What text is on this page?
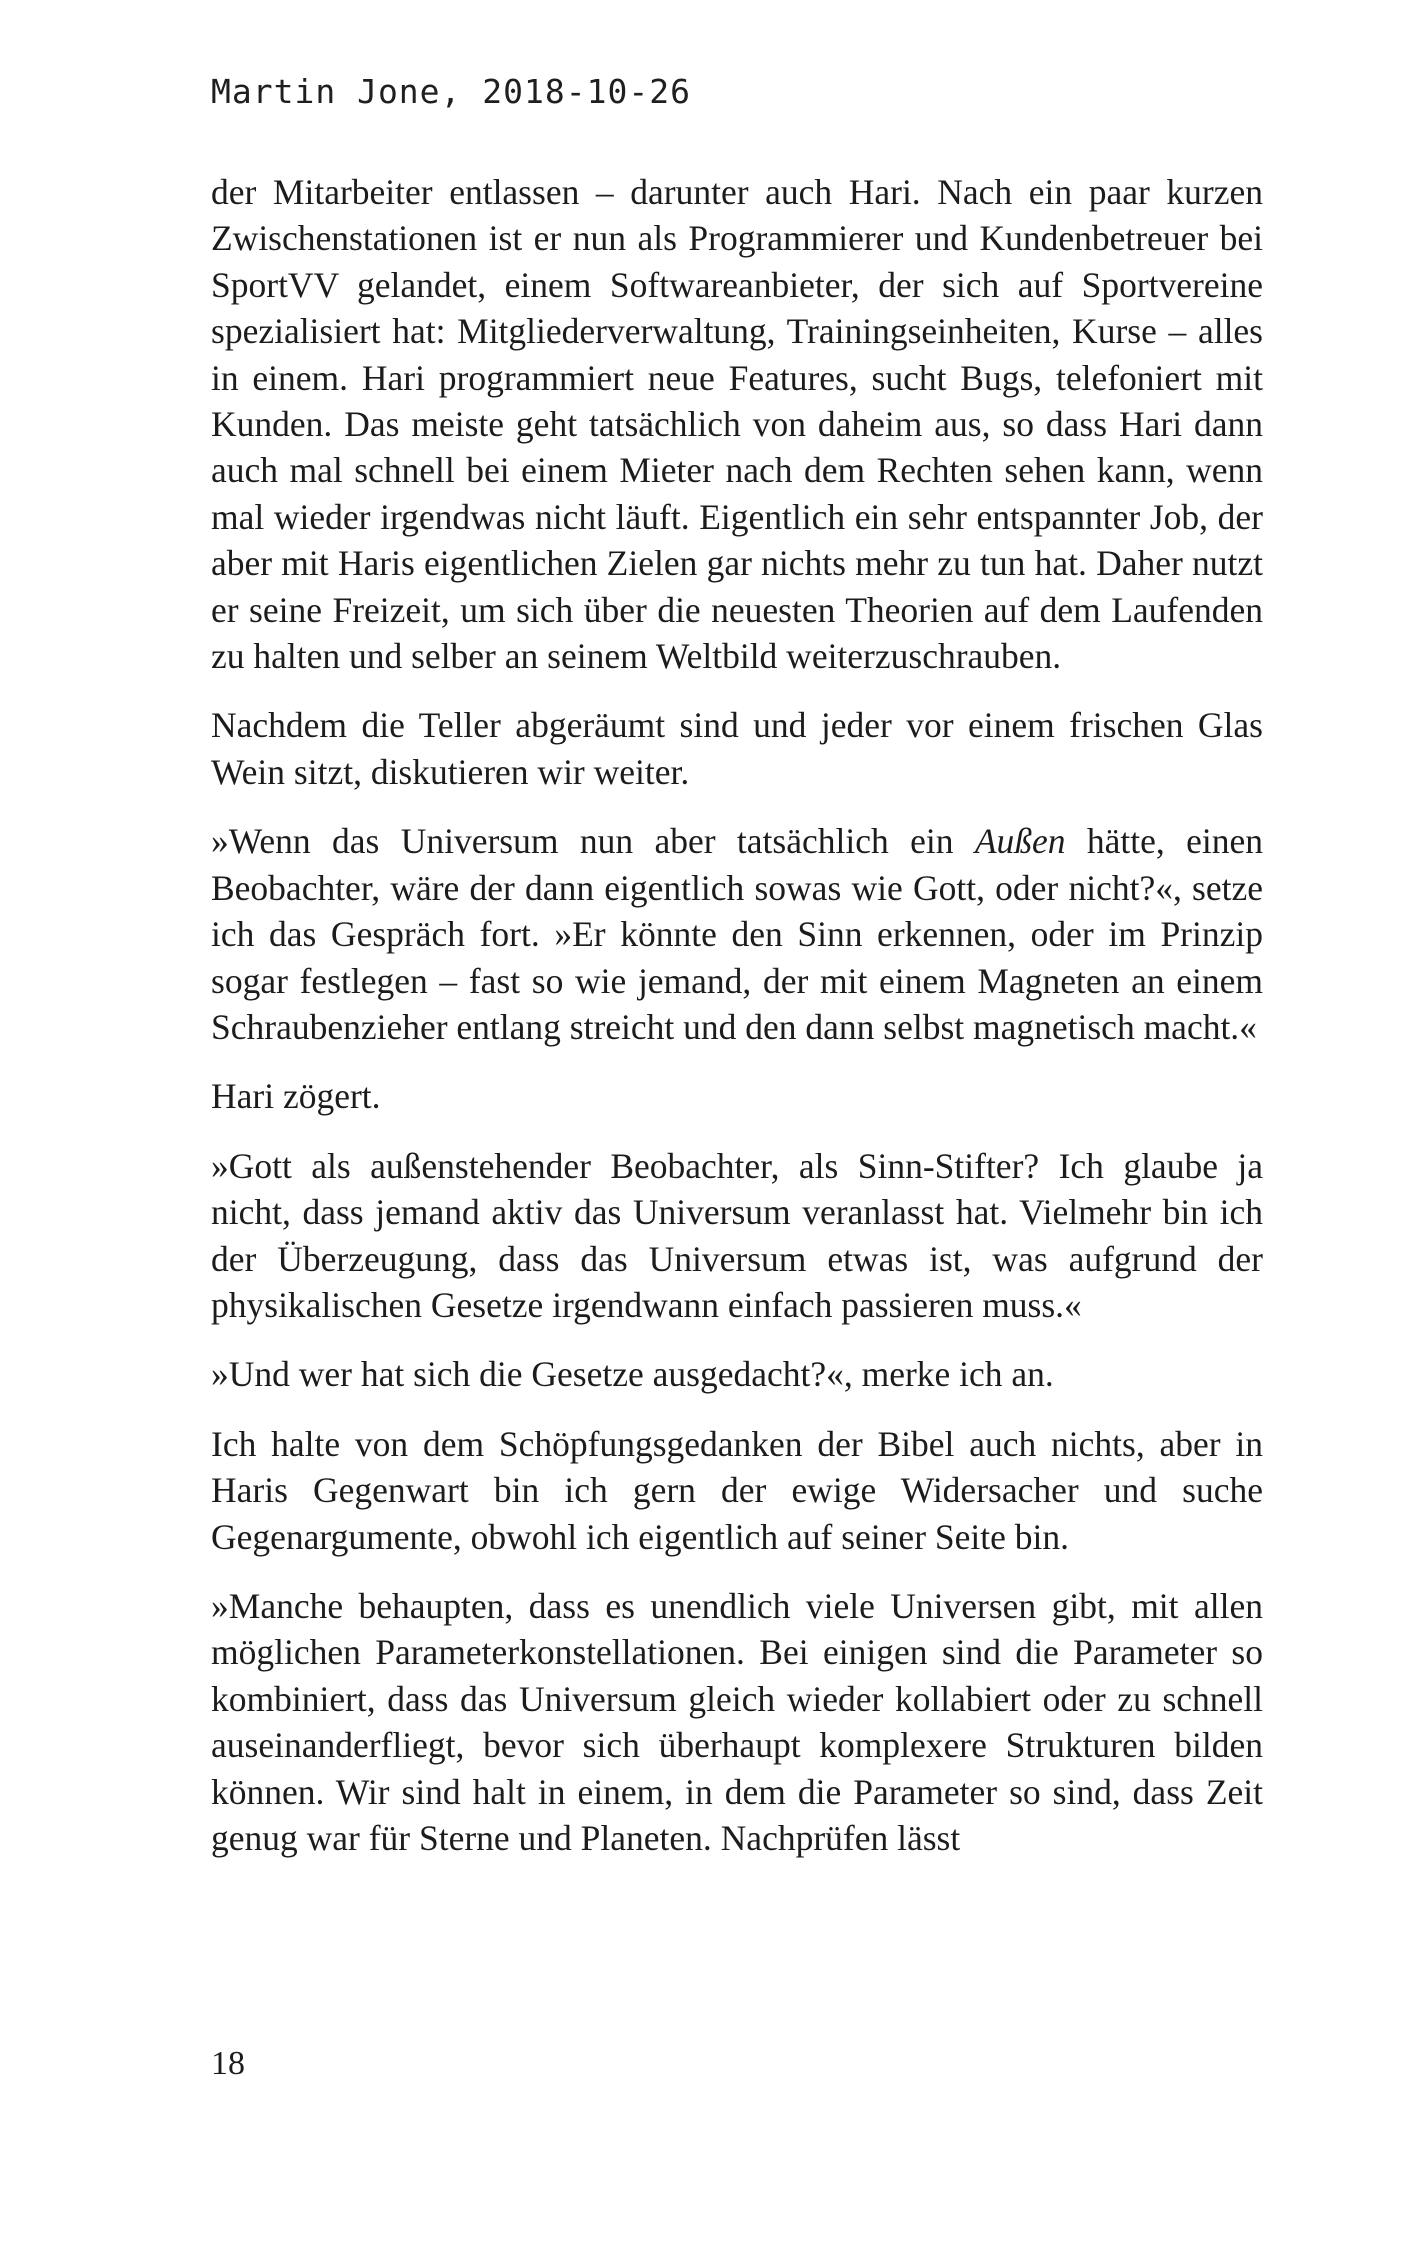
Martin Jone, 2018-10-26

der Mitarbeiter entlassen – darunter auch Hari. Nach ein paar kurzen Zwischenstationen ist er nun als Programmierer und Kundenbetreuer bei SportVV gelandet, einem Softwareanbieter, der sich auf Sportvereine spezialisiert hat: Mitgliederverwaltung, Trainingseinheiten, Kurse – alles in einem. Hari programmiert neue Features, sucht Bugs, telefoniert mit Kunden. Das meiste geht tatsächlich von daheim aus, so dass Hari dann auch mal schnell bei einem Mieter nach dem Rechten sehen kann, wenn mal wieder irgendwas nicht läuft. Eigentlich ein sehr entspannter Job, der aber mit Haris eigentlichen Zielen gar nichts mehr zu tun hat. Daher nutzt er seine Freizeit, um sich über die neuesten Theorien auf dem Laufenden zu halten und selber an seinem Weltbild weiterzuschrauben.

Nachdem die Teller abgeräumt sind und jeder vor einem frischen Glas Wein sitzt, diskutieren wir weiter.

»Wenn das Universum nun aber tatsächlich ein Außen hätte, einen Beobachter, wäre der dann eigentlich sowas wie Gott, oder nicht?«, setze ich das Gespräch fort. »Er könnte den Sinn erkennen, oder im Prinzip sogar festlegen – fast so wie jemand, der mit einem Magneten an einem Schraubenzieher entlang streicht und den dann selbst magnetisch macht.«

Hari zögert.

»Gott als außenstehender Beobachter, als Sinn-Stifter? Ich glaube ja nicht, dass jemand aktiv das Universum veranlasst hat. Vielmehr bin ich der Überzeugung, dass das Universum etwas ist, was aufgrund der physikalischen Gesetze irgendwann einfach passieren muss.«

»Und wer hat sich die Gesetze ausgedacht?«, merke ich an.

Ich halte von dem Schöpfungsgedanken der Bibel auch nichts, aber in Haris Gegenwart bin ich gern der ewige Widersacher und suche Gegenargumente, obwohl ich eigentlich auf seiner Seite bin.

»Manche behaupten, dass es unendlich viele Universen gibt, mit allen möglichen Parameterkonstellationen. Bei einigen sind die Parameter so kombiniert, dass das Universum gleich wieder kollabiert oder zu schnell auseinanderfliegt, bevor sich überhaupt komplexere Strukturen bilden können. Wir sind halt in einem, in dem die Parameter so sind, dass Zeit genug war für Sterne und Planeten. Nachprüfen lässt

18
